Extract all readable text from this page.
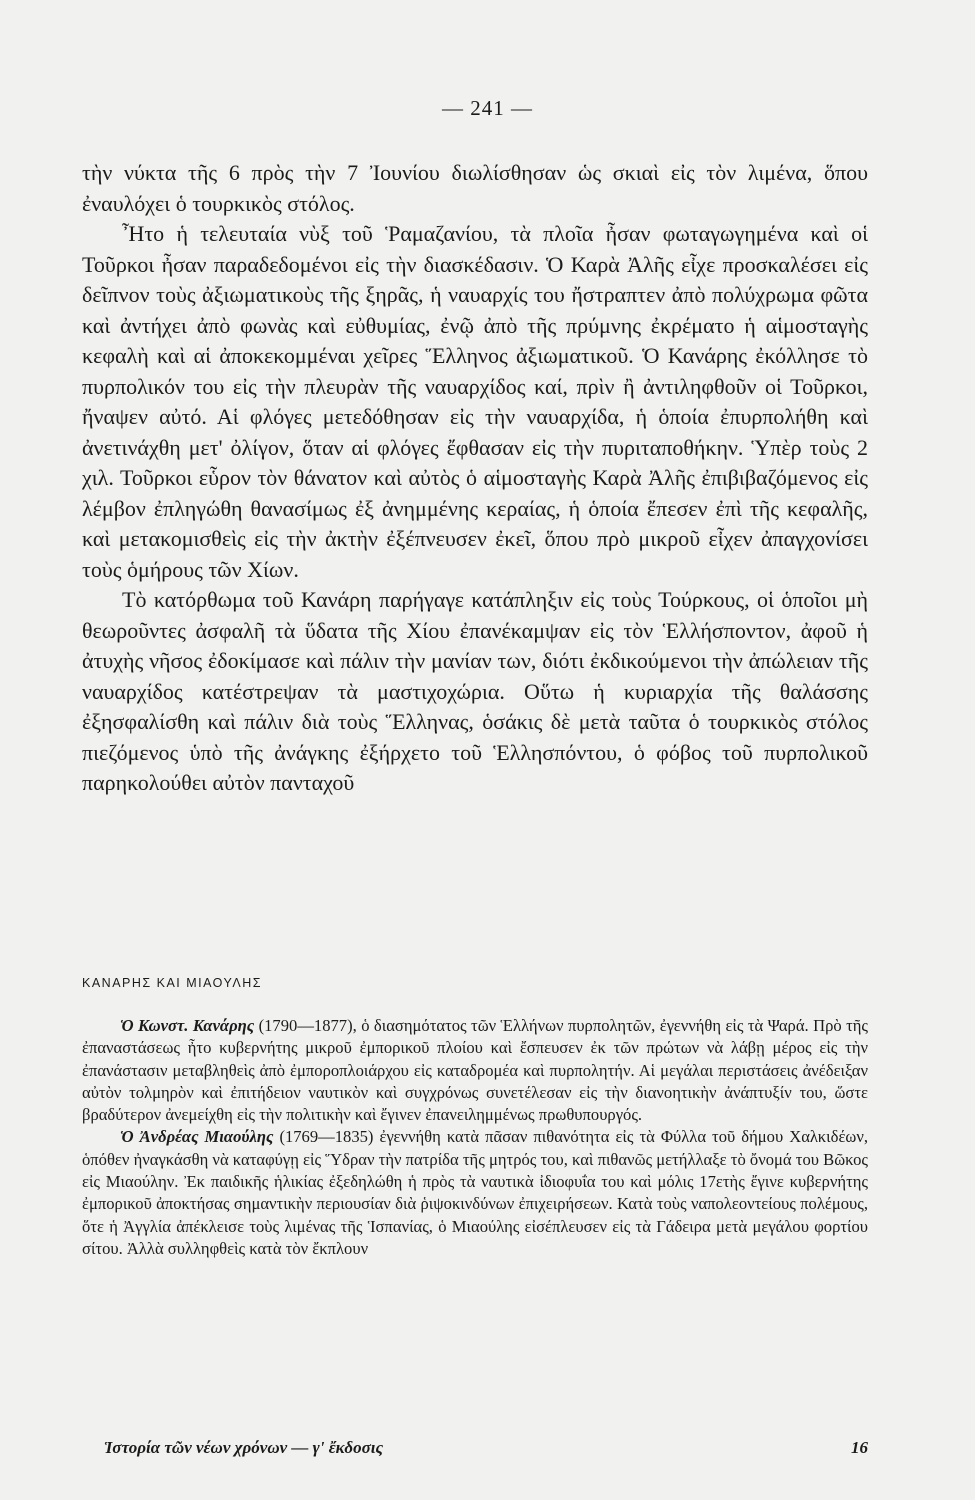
— 241 —

τὴν νύκτα τῆς 6 πρὸς τὴν 7 Ἰουνίου διωλίσθησαν ὡς σκιαὶ εἰς τὸν λιμένα, ὅπου ἐναυλόχει ὁ τουρκικὸς στόλος.

Ἦτο ἡ τελευταία νὺξ τοῦ Ῥαμαζανίου, τὰ πλοῖα ἦσαν φωταγωγημένα καὶ οἱ Τοῦρκοι ἦσαν παραδεδομένοι εἰς τὴν διασκέδασιν. Ὁ Καρὰ Ἀλῆς εἶχε προσκαλέσει εἰς δεῖπνον τοὺς ἀξιωματικοὺς τῆς ξηρᾶς, ἡ ναυαρχίς του ἤστραπτεν ἀπὸ πολύχρωμα φῶτα καὶ ἀντήχει ἀπὸ φωνὰς καὶ εὐθυμίας, ἐνῷ ἀπὸ τῆς πρύμνης ἐκρέματο ἡ αἱμοσταγὴς κεφαλὴ καὶ αἱ ἀποκεκομμέναι χεῖρες Ἕλληνος ἀξιωματικοῦ. Ὁ Κανάρης ἐκόλλησε τὸ πυρπολικόν του εἰς τὴν πλευρὰν τῆς ναυαρχίδος καί, πρὶν ἢ ἀντιληφθοῦν οἱ Τοῦρκοι, ἤναψεν αὐτό. Αἱ φλόγες μετεδόθησαν εἰς τὴν ναυαρχίδα, ἡ ὁποία ἐπυρπολήθη καὶ ἀνετινάχθη μετ' ὀλίγον, ὅταν αἱ φλόγες ἔφθασαν εἰς τὴν πυριταποθήκην. Ὑπὲρ τοὺς 2 χιλ. Τοῦρκοι εὗρον τὸν θάνατον καὶ αὐτὸς ὁ αἱμοσταγὴς Καρὰ Ἀλῆς ἐπιβιβαζόμενος εἰς λέμβον ἐπληγώθη θανασίμως ἐξ ἀνημμένης κεραίας, ἡ ὁποία ἔπεσεν ἐπὶ τῆς κεφαλῆς, καὶ μετακομισθεὶς εἰς τὴν ἀκτὴν ἐξέπνευσεν ἐκεῖ, ὅπου πρὸ μικροῦ εἶχεν ἀπαγχονίσει τοὺς ὁμήρους τῶν Χίων.

Τὸ κατόρθωμα τοῦ Κανάρη παρήγαγε κατάπληξιν εἰς τοὺς Τούρκους, οἱ ὁποῖοι μὴ θεωροῦντες ἀσφαλῆ τὰ ὕδατα τῆς Χίου ἐπανέκαμψαν εἰς τὸν Ἑλλήσποντον, ἀφοῦ ἡ ἀτυχὴς νῆσος ἐδοκίμασε καὶ πάλιν τὴν μανίαν των, διότι ἐκδικούμενοι τὴν ἀπώλειαν τῆς ναυαρχίδος κατέστρεψαν τὰ μαστιχοχώρια. Οὕτω ἡ κυριαρχία τῆς θαλάσσης ἐξησφαλίσθη καὶ πάλιν διὰ τοὺς Ἕλληνας, ὁσάκις δὲ μετὰ ταῦτα ὁ τουρκικὸς στόλος πιεζόμενος ὑπὸ τῆς ἀνάγκης ἐξήρχετο τοῦ Ἑλλησπόντου, ὁ φόβος τοῦ πυρπολικοῦ παρηκολούθει αὐτὸν πανταχοῦ

ΚΑΝΑΡΗΣ ΚΑΙ ΜΙΑΟΥΛΗΣ

Ὁ Κωνστ. Κανάρης (1790—1877), ὁ διασημότατος τῶν Ἑλλήνων πυρπολητῶν, ἐγεννήθη εἰς τὰ Ψαρά. Πρὸ τῆς ἐπαναστάσεως ἦτο κυβερνήτης μικροῦ ἐμπορικοῦ πλοίου καὶ ἔσπευσεν ἐκ τῶν πρώτων νὰ λάβῃ μέρος εἰς τὴν ἐπανάστασιν μεταβληθεὶς ἀπὸ ἐμποροπλοιάρχου εἰς καταδρομέα καὶ πυρπολητήν. Αἱ μεγάλαι περιστάσεις ἀνέδειξαν αὐτὸν τολμηρὸν καὶ ἐπιτήδειον ναυτικὸν καὶ συγχρόνως συνετέλεσαν εἰς τὴν διανοητικὴν ἀνάπτυξίν του, ὥστε βραδύτερον ἀνεμείχθη εἰς τὴν πολιτικὴν καὶ ἔγινεν ἐπανειλημμένως πρωθυπουργός.

Ὁ Ἀνδρέας Μιαούλης (1769—1835) ἐγεννήθη κατὰ πᾶσαν πιθανότητα εἰς τὰ Φύλλα τοῦ δήμου Χαλκιδέων, ὁπόθεν ἠναγκάσθη νὰ καταφύγῃ εἰς Ὕδραν τὴν πατρίδα τῆς μητρός του, καὶ πιθανῶς μετήλλαξε τὸ ὄνομά του Βῶκος εἰς Μιαούλην. Ἐκ παιδικῆς ἡλικίας ἐξεδηλώθη ἡ πρὸς τὰ ναυτικὰ ἰδιοφυΐα του καὶ μόλις 17ετὴς ἔγινε κυβερνήτης ἐμπορικοῦ ἀποκτήσας σημαντικὴν περιουσίαν διὰ ῥιψοκινδύνων ἐπιχειρήσεων. Κατὰ τοὺς ναπολεοντείους πολέμους, ὅτε ἡ Ἀγγλία ἀπέκλεισε τοὺς λιμένας τῆς Ἱσπανίας, ὁ Μιαούλης εἰσέπλευσεν εἰς τὰ Γάδειρα μετὰ μεγάλου φορτίου σίτου. Ἀλλὰ συλληφθεὶς κατὰ τὸν ἔκπλουν

Ἱστορία τῶν νέων χρόνων — γ' ἔκδοσις	16
